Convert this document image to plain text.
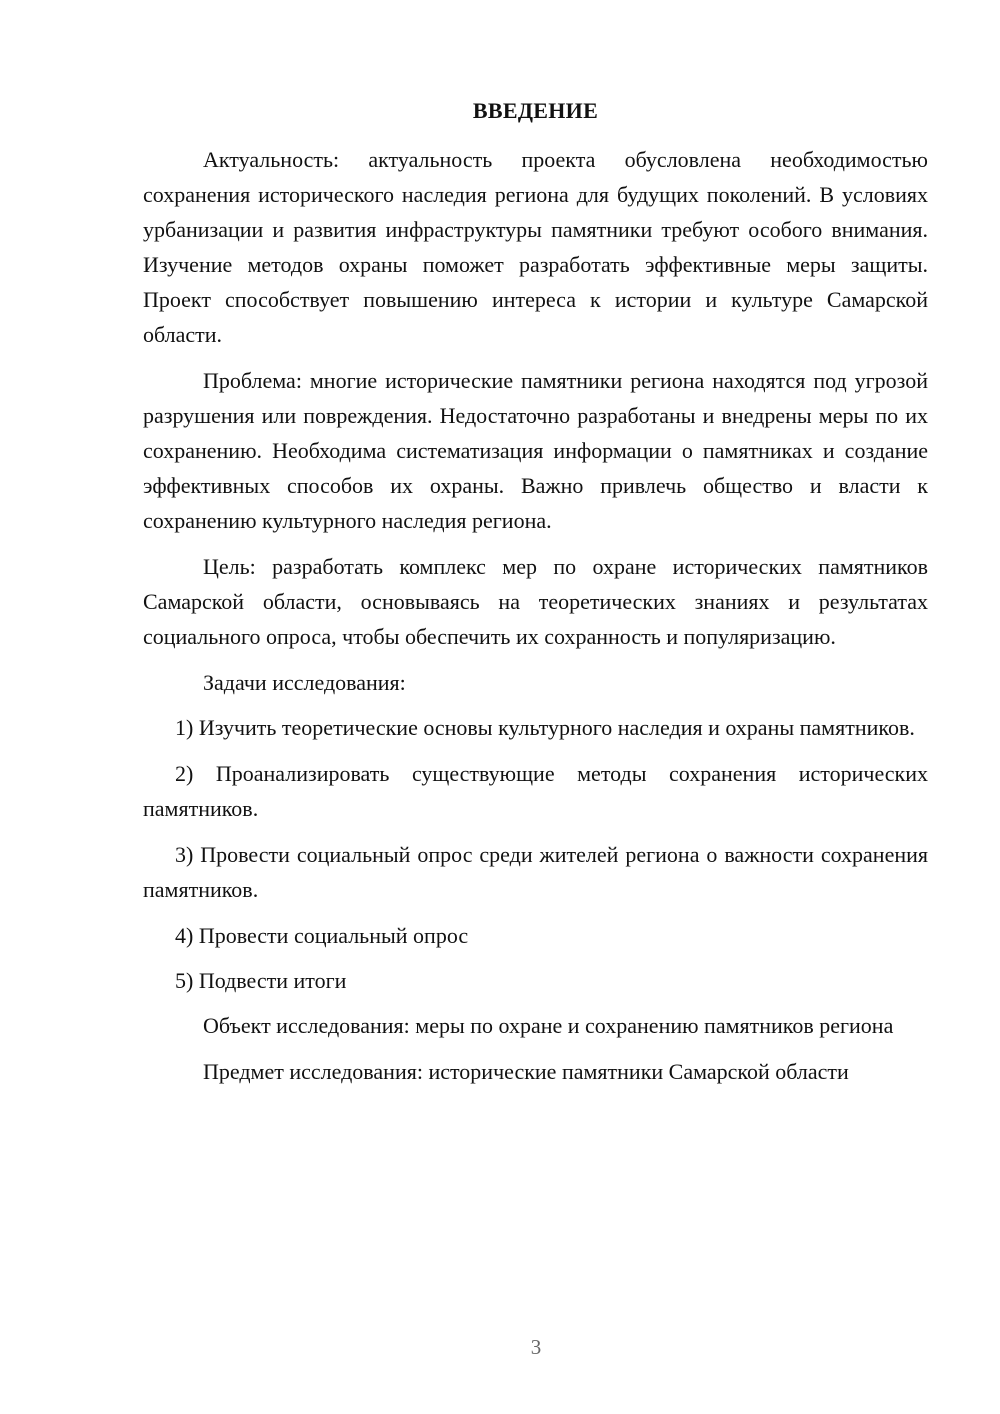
ВВЕДЕНИЕ

Актуальность: актуальность проекта обусловлена необходимостью сохранения исторического наследия региона для будущих поколений. В условиях урбанизации и развития инфраструктуры памятники требуют особого внимания. Изучение методов охраны поможет разработать эффективные меры защиты. Проект способствует повышению интереса к истории и культуре Самарской области.

Проблема: многие исторические памятники региона находятся под угрозой разрушения или повреждения. Недостаточно разработаны и внедрены меры по их сохранению. Необходима систематизация информации о памятниках и создание эффективных способов их охраны. Важно привлечь общество и власти к сохранению культурного наследия региона.

Цель: разработать комплекс мер по охране исторических памятников Самарской области, основываясь на теоретических знаниях и результатах социального опроса, чтобы обеспечить их сохранность и популяризацию.

Задачи исследования:

1) Изучить теоретические основы культурного наследия и охраны памятников.

2) Проанализировать существующие методы сохранения исторических памятников.

3) Провести социальный опрос среди жителей региона о важности сохранения памятников.

4) Провести социальный опрос

5) Подвести итоги

Объект исследования: меры по охране и сохранению памятников региона

Предмет исследования: исторические памятники Самарской области

3
